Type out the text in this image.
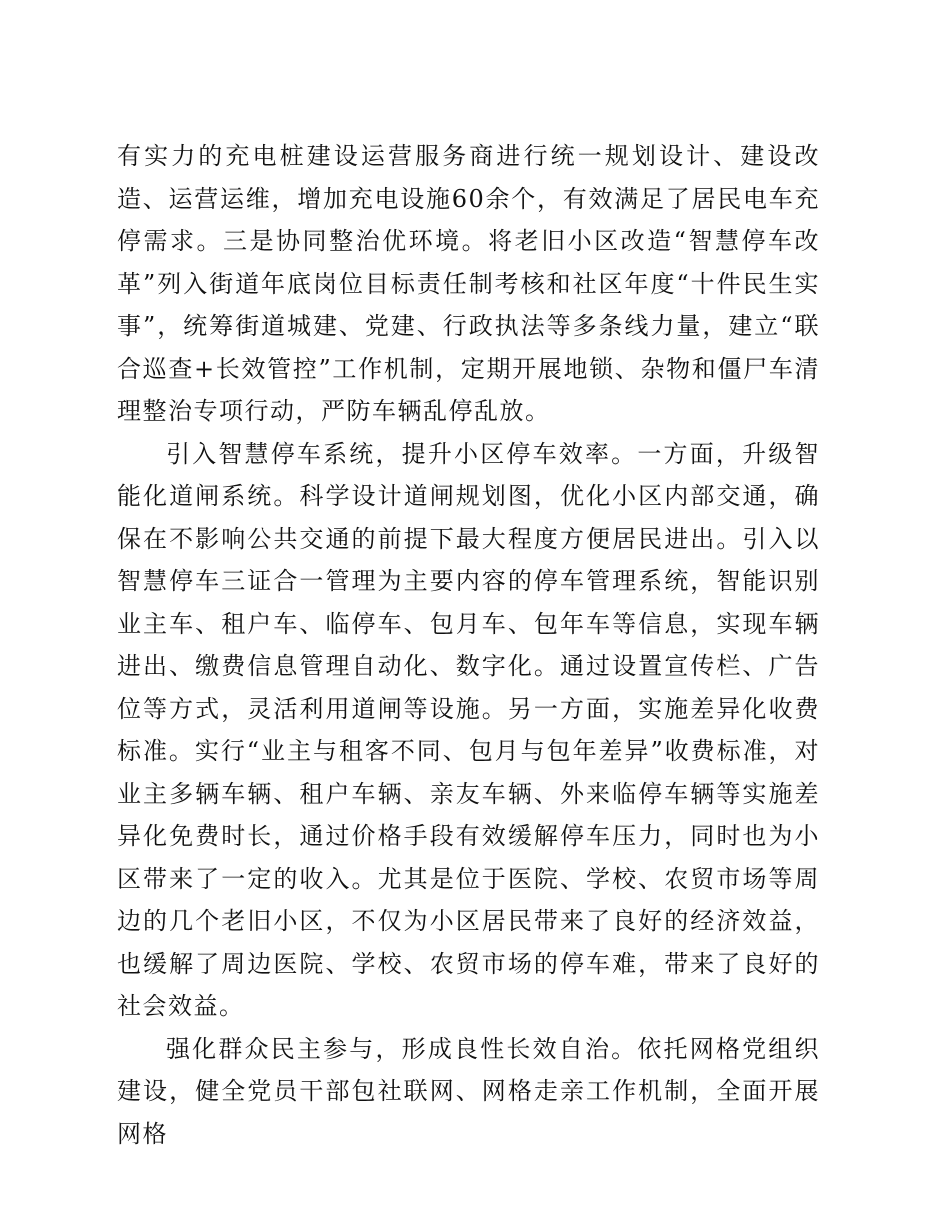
有实力的充电桩建设运营服务商进行统一规划设计、建设改造、运营运维，增加充电设施60余个，有效满足了居民电车充停需求。三是协同整治优环境。将老旧小区改造“智慧停车改革”列入街道年底岗位目标责任制考核和社区年度“十件民生实事”，统筹街道城建、党建、行政执法等多条线力量，建立“联合巡查+长效管控”工作机制，定期开展地锁、杂物和僵尸车清理整治专项行动，严防车辆乱停乱放。

引入智慧停车系统，提升小区停车效率。一方面，升级智能化道闸系统。科学设计道闸规划图，优化小区内部交通，确保在不影响公共交通的前提下最大程度方便居民进出。引入以智慧停车三证合一管理为主要内容的停车管理系统，智能识别业主车、租户车、临停车、包月车、包年车等信息，实现车辆进出、缴费信息管理自动化、数字化。通过设置宣传栏、广告位等方式，灵活利用道闸等设施。另一方面，实施差异化收费标准。实行“业主与租客不同、包月与包年差异”收费标准，对业主多辆车辆、租户车辆、亲友车辆、外来临停车辆等实施差异化免费时长，通过价格手段有效缓解停车压力，同时也为小区带来了一定的收入。尤其是位于医院、学校、农贸市场等周边的几个老旧小区，不仅为小区居民带来了良好的经济效益，也缓解了周边医院、学校、农贸市场的停车难，带来了良好的社会效益。

强化群众民主参与，形成良性长效自治。依托网格党组织建设，健全党员干部包社联网、网格走亲工作机制，全面开展网格
